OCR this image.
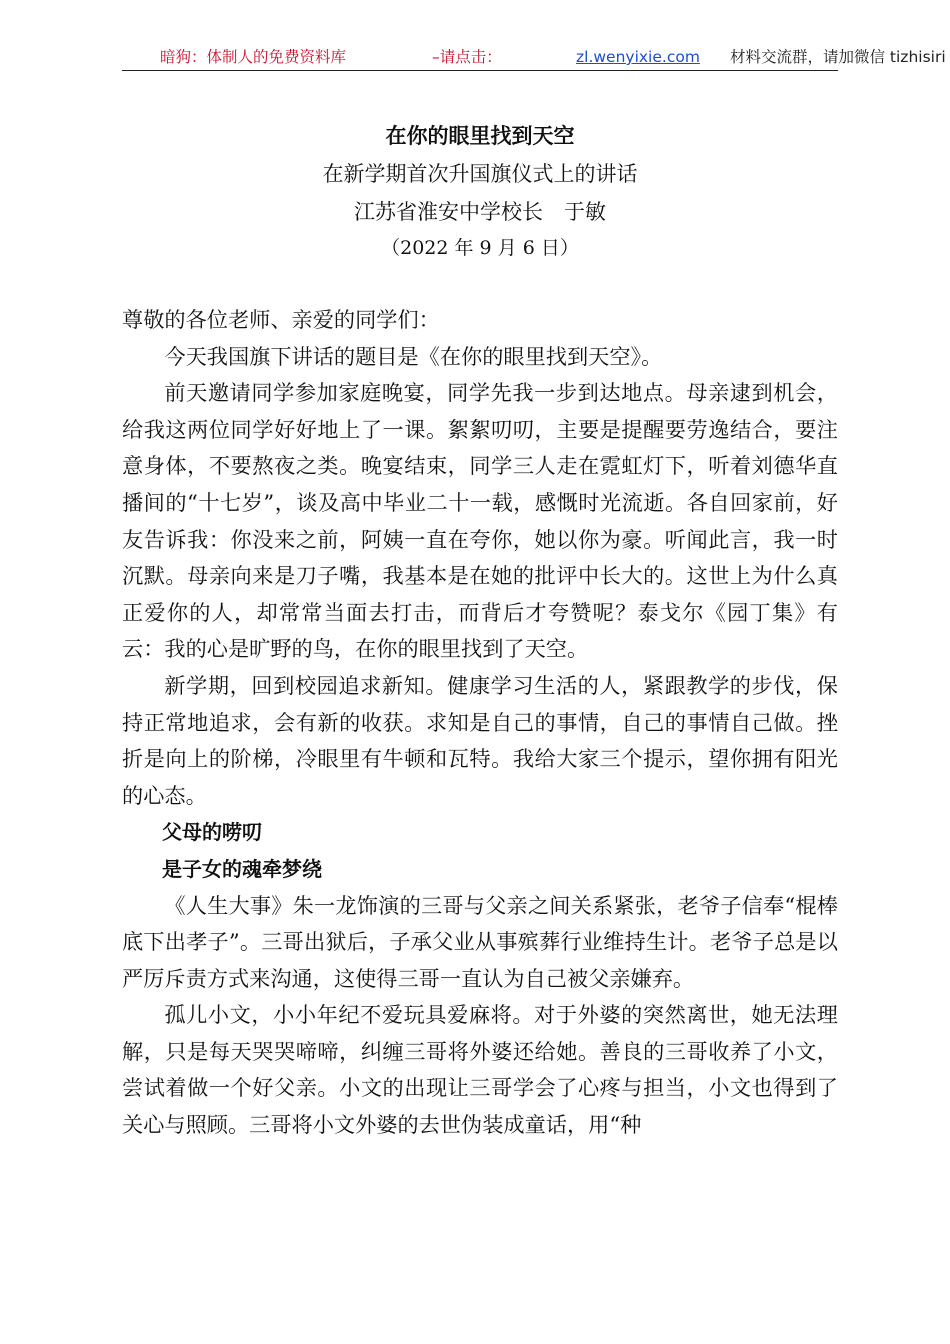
暗狗：体制人的免费资料库	–请点击：	zl.wenyixie.com 材料交流群，请加微信 tizhisiri
在你的眼里找到天空
在新学期首次升国旗仪式上的讲话
江苏省淮安中学校长　于敏
（2022 年 9 月 6 日）

尊敬的各位老师、亲爱的同学们：

今天我国旗下讲话的题目是《在你的眼里找到天空》。

前天邀请同学参加家庭晚宴，同学先我一步到达地点。母亲逮到机会，给我这两位同学好好地上了一课。絮絮叨叨，主要是提醒要劳逸结合，要注意身体，不要熬夜之类。晚宴结束，同学三人走在霓虹灯下，听着刘德华直播间的“十七岁”，谈及高中毕业二十一载，感慨时光流逝。各自回家前，好友告诉我：你没来之前，阿姨一直在夸你，她以你为豪。听闻此言，我一时沉默。母亲向来是刀子嘴，我基本是在她的批评中长大的。这世上为什么真正爱你的人，却常常当面去打击，而背后才夸赞呢？泰戈尔《园丁集》有云：我的心是旷野的鸟，在你的眼里找到了天空。

新学期，回到校园追求新知。健康学习生活的人，紧跟教学的步伐，保持正常地追求，会有新的收获。求知是自己的事情，自己的事情自己做。挫折是向上的阶梯，冷眼里有牛顿和瓦特。我给大家三个提示，望你拥有阳光的心态。

父母的唠叨

是子女的魂牵梦绕

《人生大事》朱一龙饰演的三哥与父亲之间关系紧张，老爷子信奉“棍棒底下出孝子”。三哥出狱后，子承父业从事殡葬行业维持生计。老爷子总是以严厉斥责方式来沟通，这使得三哥一直认为自己被父亲嫌弃。

孤儿小文，小小年纪不爱玩具爱麻将。对于外婆的突然离世，她无法理解，只是每天哭哭啼啼，纠缠三哥将外婆还给她。善良的三哥收养了小文，尝试着做一个好父亲。小文的出现让三哥学会了心疼与担当，小文也得到了关心与照顾。三哥将小文外婆的去世伪装成童话，用“种
